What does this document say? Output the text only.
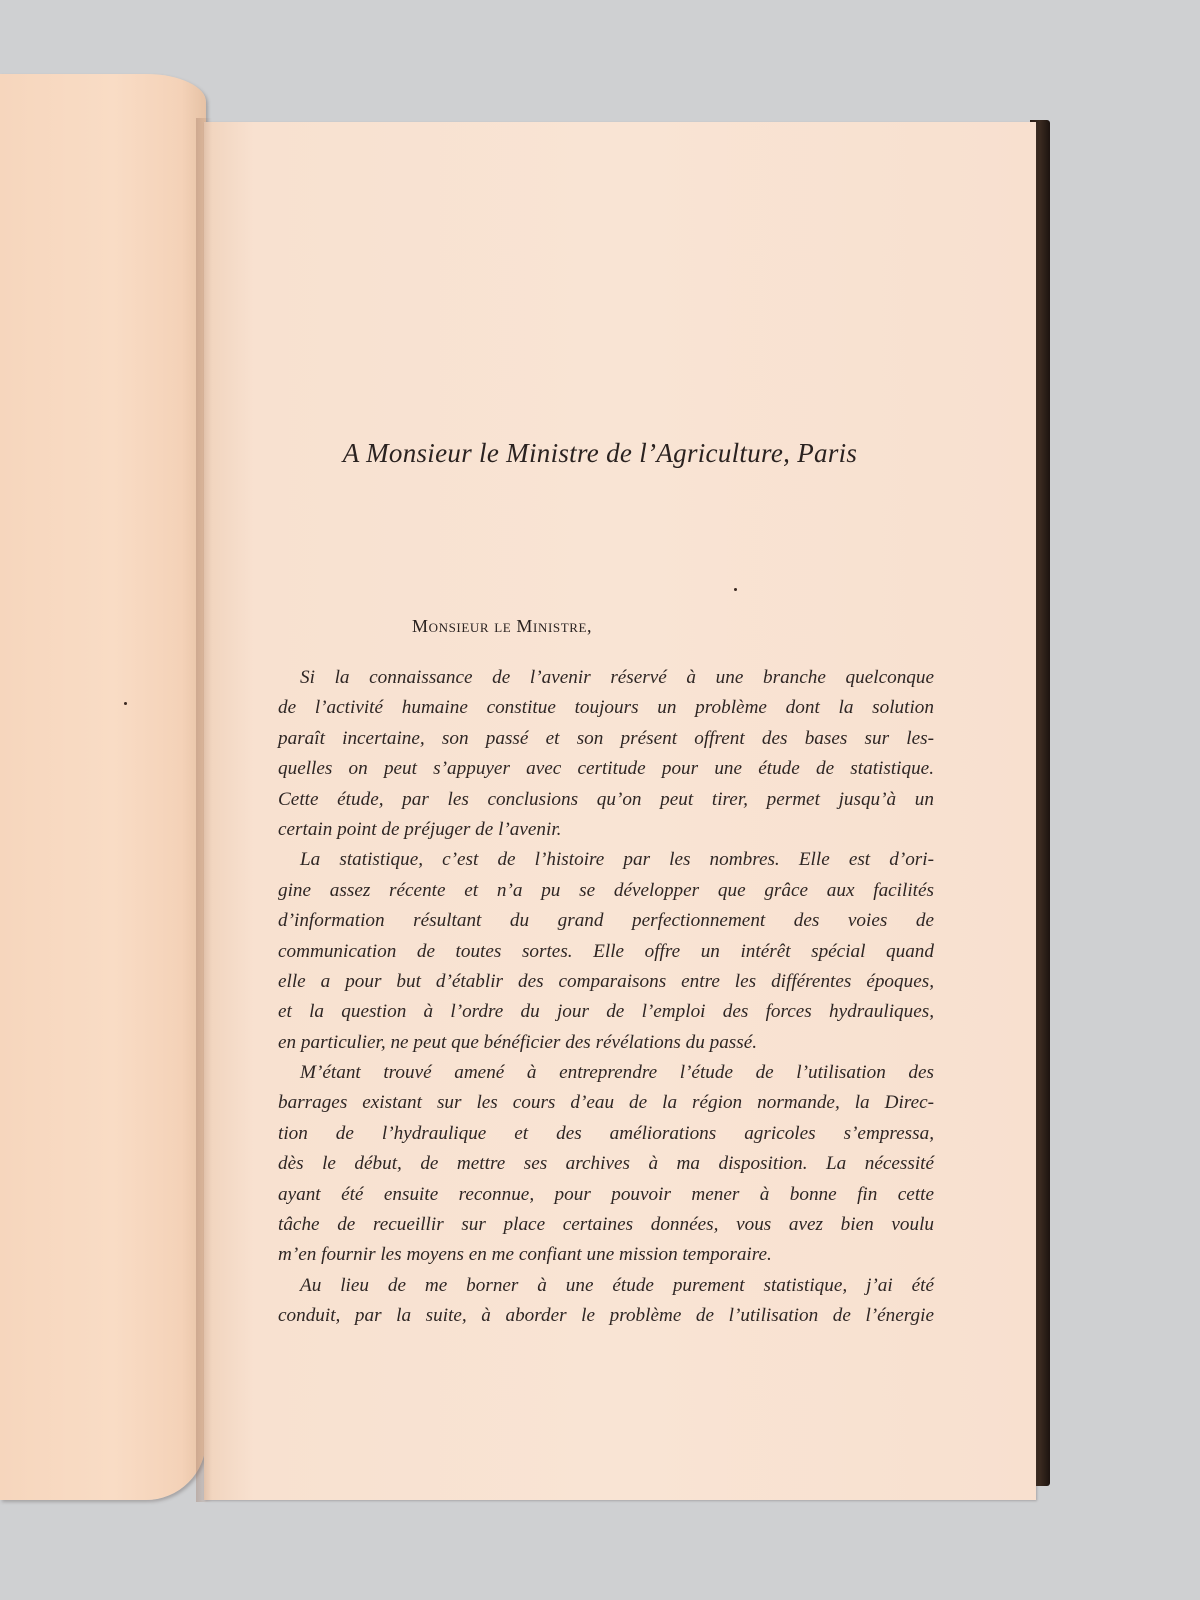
A Monsieur le Ministre de l’Agriculture, Paris
Monsieur le Ministre,
Si la connaissance de l’avenir réservé à une branche quelconque
de l’activité humaine constitue toujours un problème dont la solution
paraît incertaine, son passé et son présent offrent des bases sur les-
quelles on peut s’appuyer avec certitude pour une étude de statistique.
Cette étude, par les conclusions qu’on peut tirer, permet jusqu’à un
certain point de préjuger de l’avenir.
La statistique, c’est de l’histoire par les nombres. Elle est d’ori-
gine assez récente et n’a pu se développer que grâce aux facilités
d’information résultant du grand perfectionnement des voies de
communication de toutes sortes. Elle offre un intérêt spécial quand
elle a pour but d’établir des comparaisons entre les différentes époques,
et la question à l’ordre du jour de l’emploi des forces hydrauliques,
en particulier, ne peut que bénéficier des révélations du passé.
M’étant trouvé amené à entreprendre l’étude de l’utilisation des
barrages existant sur les cours d’eau de la région normande, la Direc-
tion de l’hydraulique et des améliorations agricoles s’empressa,
dès le début, de mettre ses archives à ma disposition. La nécessité
ayant été ensuite reconnue, pour pouvoir mener à bonne fin cette
tâche de recueillir sur place certaines données, vous avez bien voulu
m’en fournir les moyens en me confiant une mission temporaire.
Au lieu de me borner à une étude purement statistique, j’ai été
conduit, par la suite, à aborder le problème de l’utilisation de l’énergie
